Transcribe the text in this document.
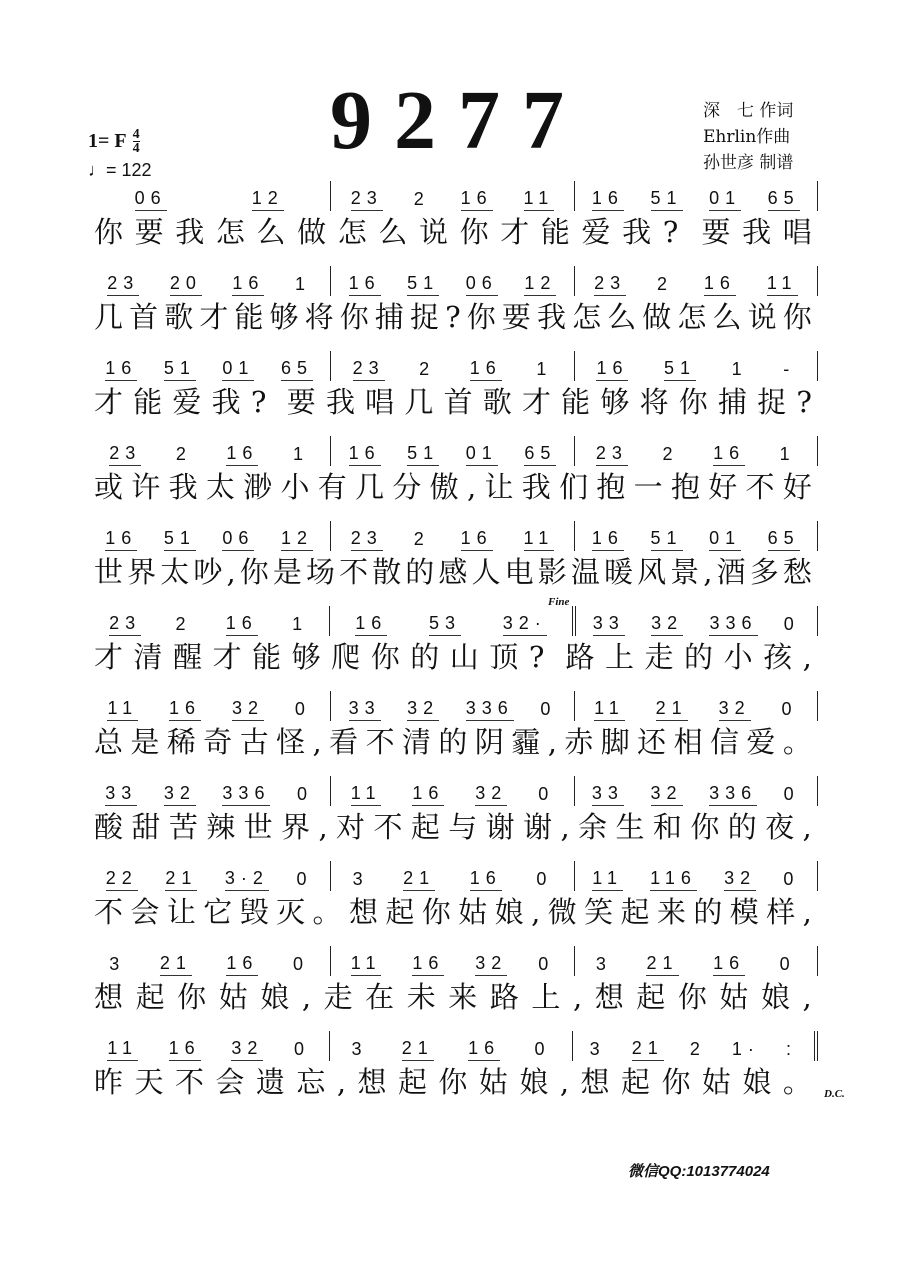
9277	深　七 作词
Ehrlin作曲
孙世彦 制谱
1= F $\frac{4}{4}$
♩= 122
06	12	23 2 16 11 16 51 01 65
你 要 我 怎 么 做 怎 么 说 你 才 能 爱 我 ? 要 我 唱
23 20 16 1 16 51 06 12 23 2 16 11
几 首 歌 才 能 够 将 你 捕 捉 ? 你 要 我 怎 么 做 怎 么 说 你
16 51 01 65 23 2 16 1 16 51 1 -
才 能 爱 我 ? 要 我 唱 几 首 歌 才 能 够 将 你 捕 捉 ?
23 2 16 1 16 51 01 65 23 2 16 1
或 许 我 太 渺 小 有 几 分 傲 , 让 我 们 抱 一 抱 好 不 好
16 51 06 12 23 2 16 11 16 51 01 65
世 界 太 吵 , 你 是 场 不 散 的 感 人 电 影 温 暖 风 景 , 酒 多 愁
23 2 16 1	16 53 32·	33 32 336 0
才 清 醒 才 能 够 爬 你 的 山 顶 ? 路 上 走 的 小 孩 ,
11 16 32 0 33 32 336 0 11 21 32 0
总 是 稀 奇 古 怪 , 看 不 清 的 阴 霾 , 赤 脚 还 相 信 爱 。
33 32 336 0 11 16 32 0 33 32 336 0
酸 甜 苦 辣 世 界 , 对 不 起 与 谢 谢 , 余 生 和 你 的 夜 ,
22 21 3·2 0 3 21 16 0 11 116 32 0
不 会 让 它 毁 灭 。 想 起 你 姑 娘 , 微 笑 起 来 的 模 样 ,
3 21 16 0 11 16 32 0 3 21 16 0
想 起 你 姑 娘 , 走 在 未 来 路 上 , 想 起 你 姑 娘 ,
11 16 32 0 3 21 16 0 3 21 2 1· :
昨 天 不 会 遗 忘 , 想 起 你 姑 娘 , 想 起 你 姑 娘 。
Fine
D.C.
微信QQ:1013774024
